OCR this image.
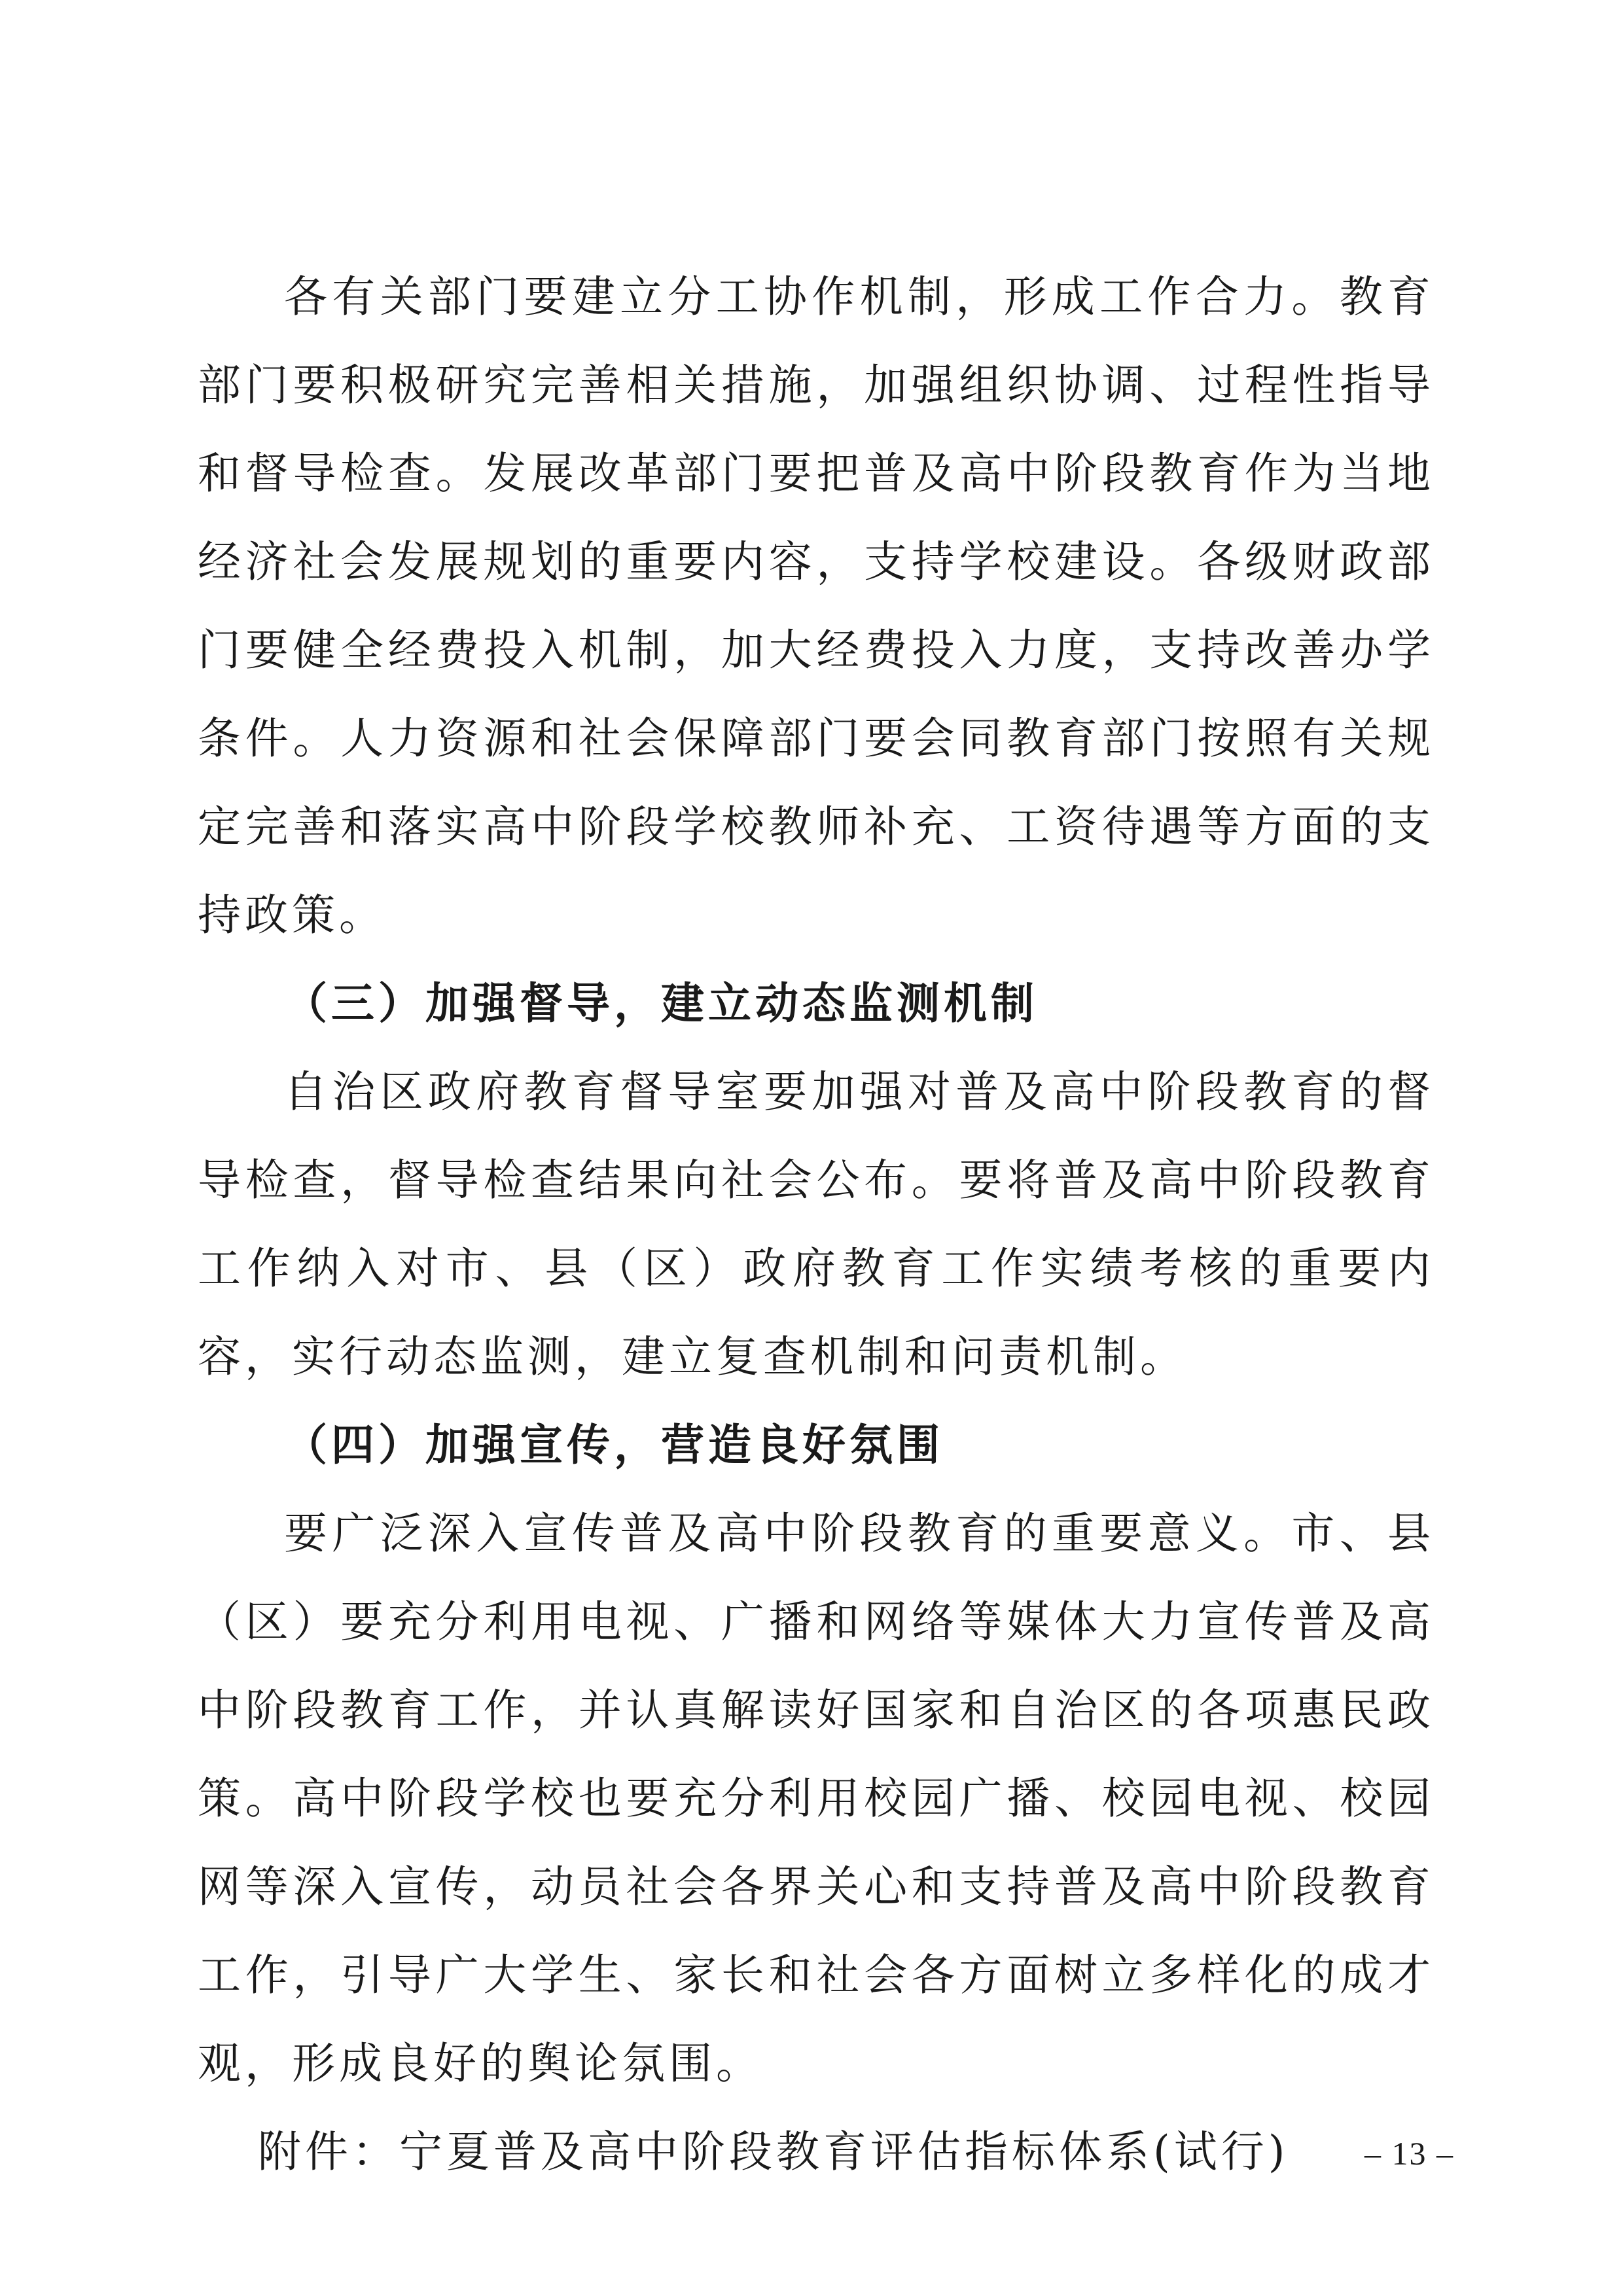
各有关部门要建立分工协作机制，形成工作合力。教育部门要积极研究完善相关措施，加强组织协调、过程性指导和督导检查。发展改革部门要把普及高中阶段教育作为当地经济社会发展规划的重要内容，支持学校建设。各级财政部门要健全经费投入机制，加大经费投入力度，支持改善办学条件。人力资源和社会保障部门要会同教育部门按照有关规定完善和落实高中阶段学校教师补充、工资待遇等方面的支持政策。

（三）加强督导，建立动态监测机制

自治区政府教育督导室要加强对普及高中阶段教育的督导检查，督导检查结果向社会公布。要将普及高中阶段教育工作纳入对市、县（区）政府教育工作实绩考核的重要内容，实行动态监测，建立复查机制和问责机制。

（四）加强宣传，营造良好氛围

要广泛深入宣传普及高中阶段教育的重要意义。市、县（区）要充分利用电视、广播和网络等媒体大力宣传普及高中阶段教育工作，并认真解读好国家和自治区的各项惠民政策。高中阶段学校也要充分利用校园广播、校园电视、校园网等深入宣传，动员社会各界关心和支持普及高中阶段教育工作，引导广大学生、家长和社会各方面树立多样化的成才观，形成良好的舆论氛围。

附件：宁夏普及高中阶段教育评估指标体系(试行)	– 13 –
